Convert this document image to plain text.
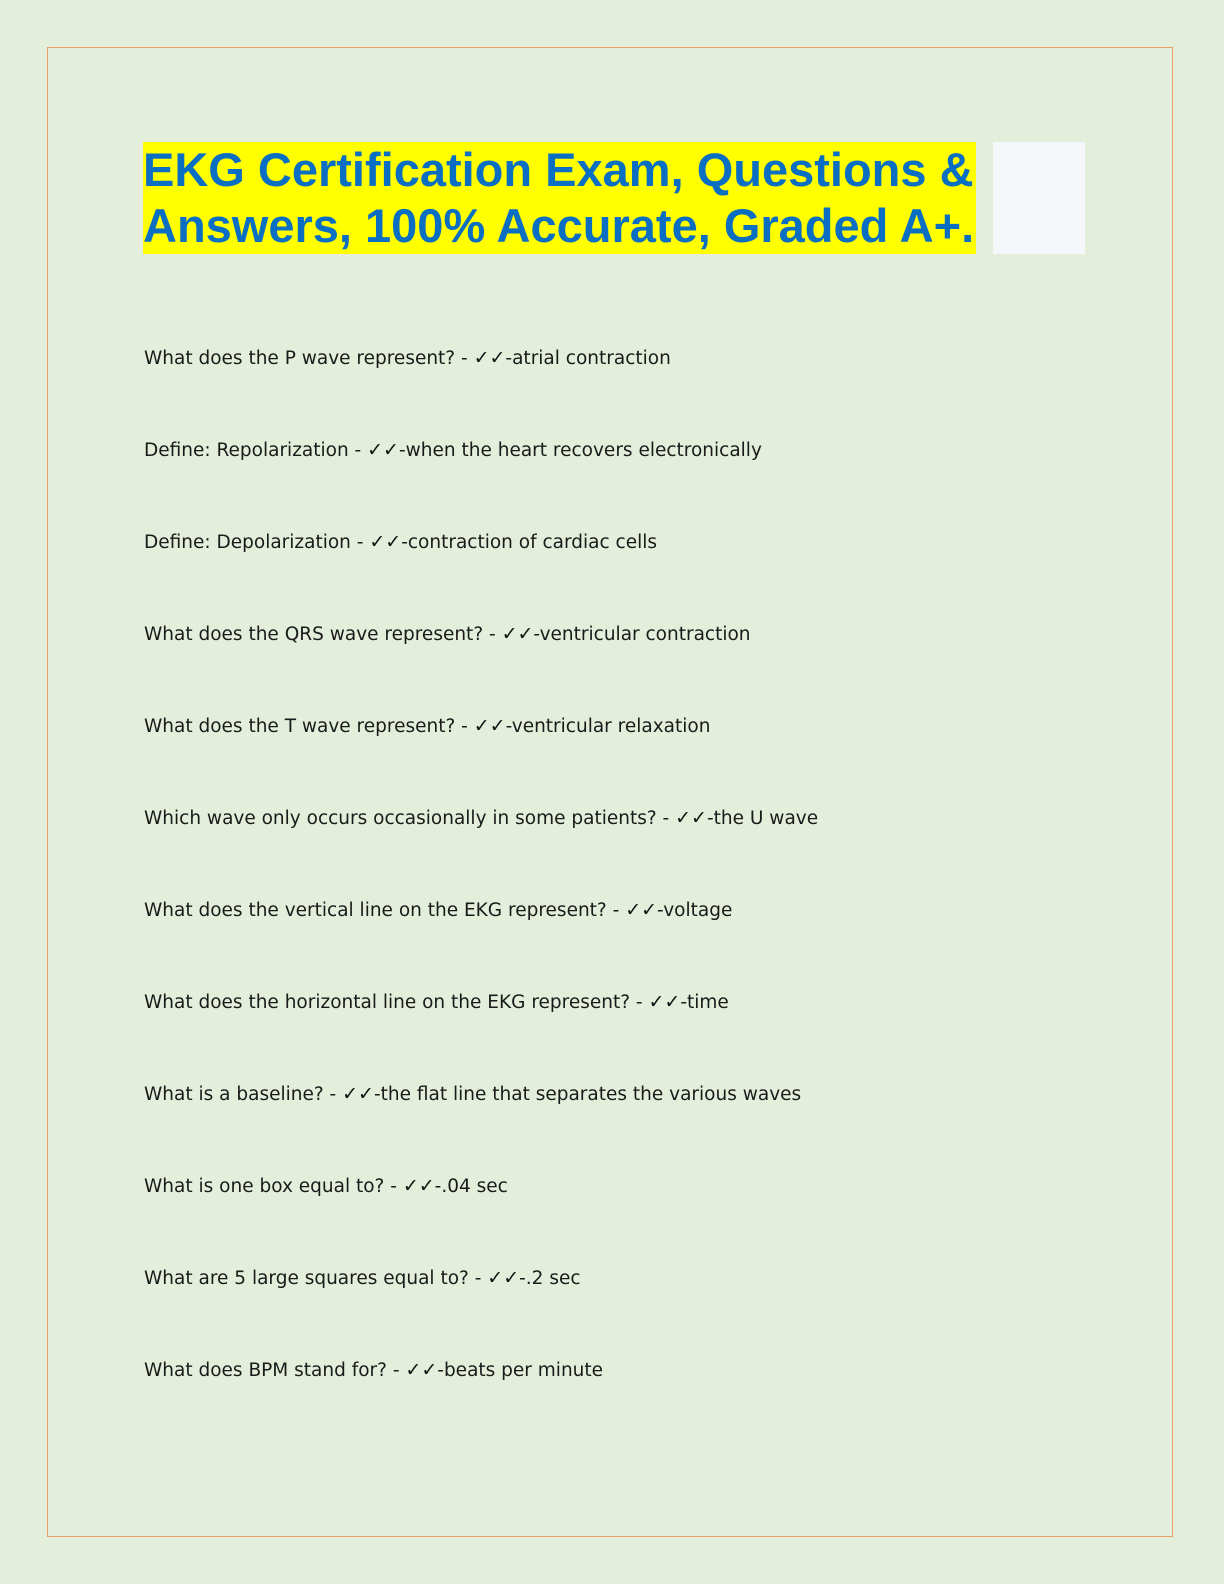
EKG Certification Exam, Questions &
Answers, 100% Accurate, Graded A+.
What does the P wave represent? - ✓✓-atrial contraction
Define: Repolarization - ✓✓-when the heart recovers electronically
Define: Depolarization - ✓✓-contraction of cardiac cells
What does the QRS wave represent? - ✓✓-ventricular contraction
What does the T wave represent? - ✓✓-ventricular relaxation
Which wave only occurs occasionally in some patients? - ✓✓-the U wave
What does the vertical line on the EKG represent? - ✓✓-voltage
What does the horizontal line on the EKG represent? - ✓✓-time
What is a baseline? - ✓✓-the flat line that separates the various waves
What is one box equal to? - ✓✓-.04 sec
What are 5 large squares equal to? - ✓✓-.2 sec
What does BPM stand for? - ✓✓-beats per minute
